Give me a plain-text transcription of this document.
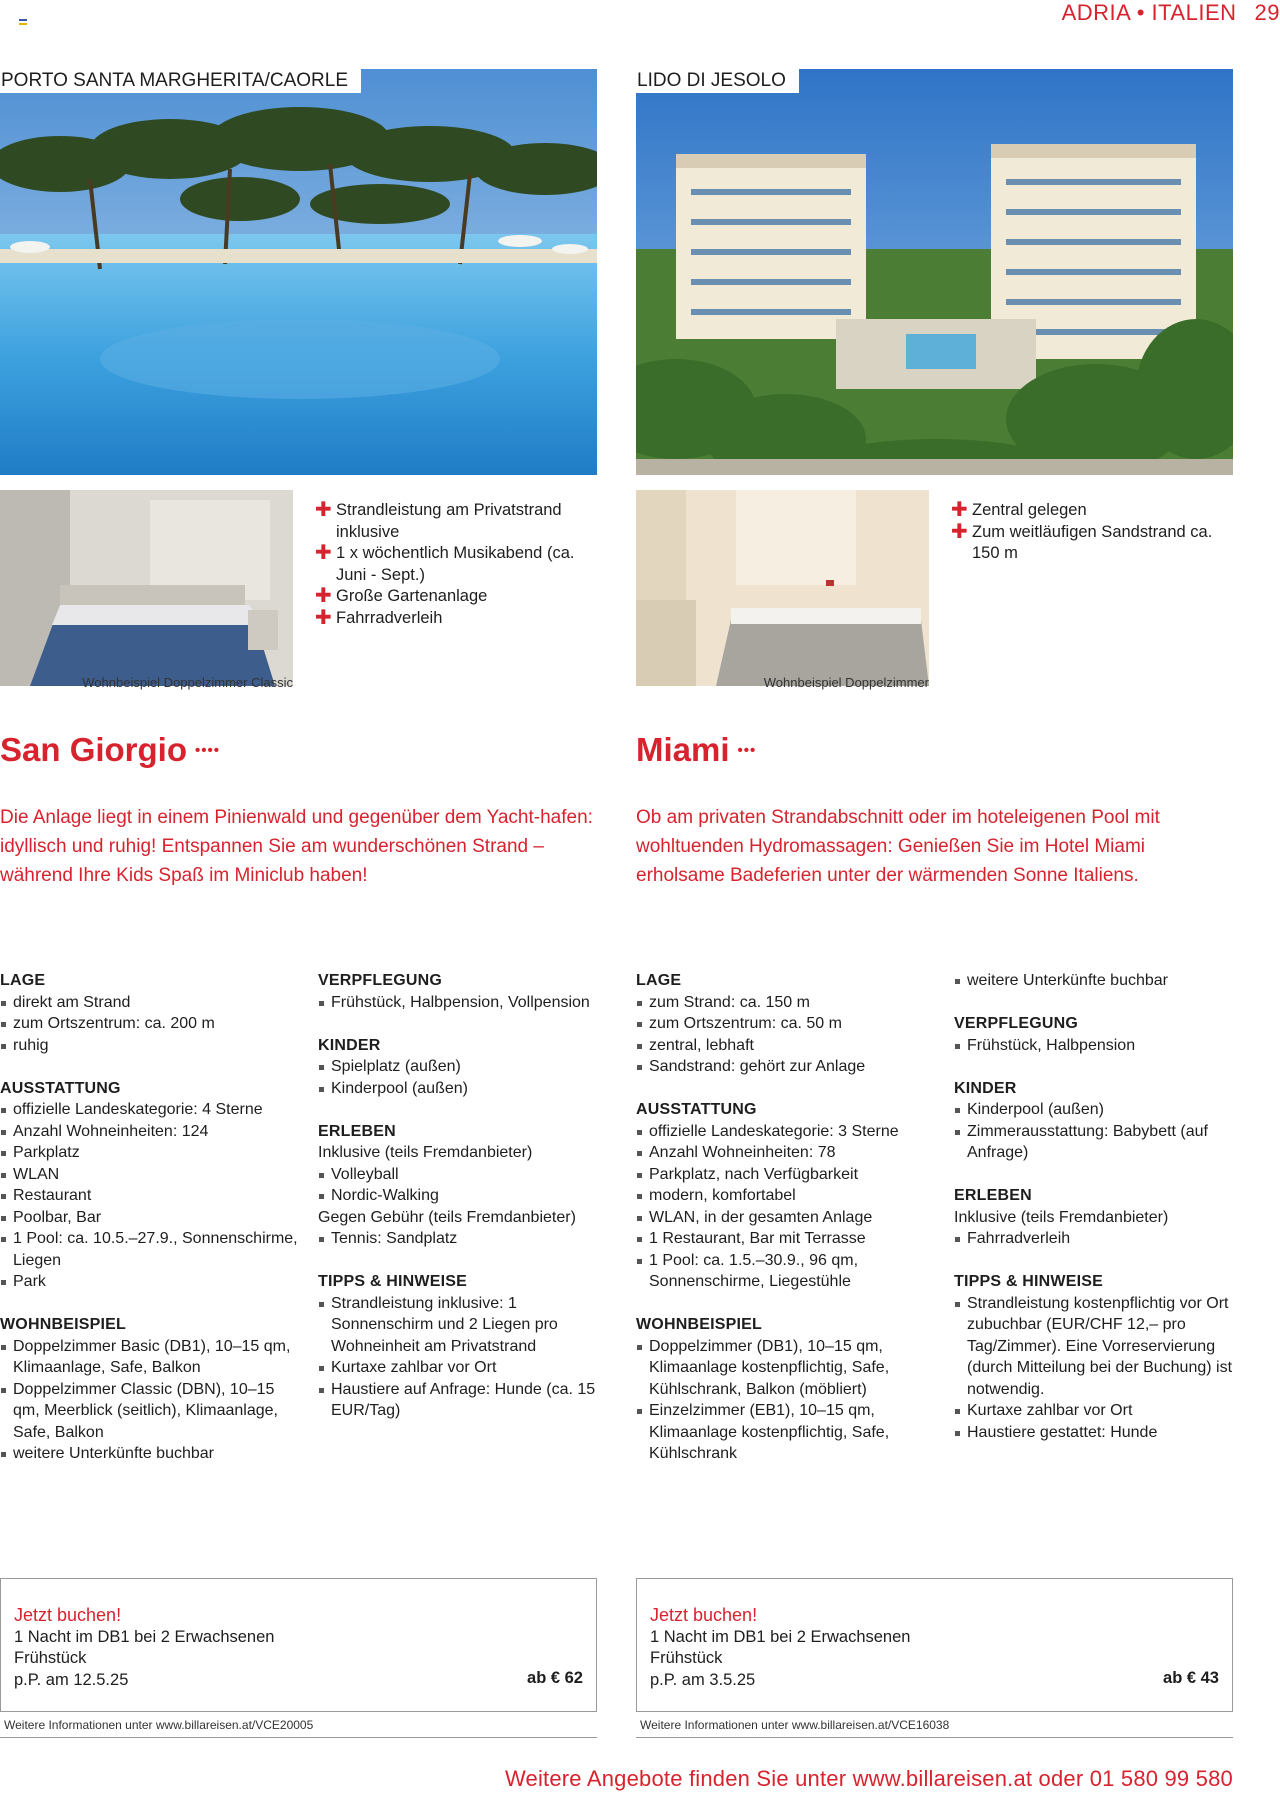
ADRIA • ITALIEN 29
PORTO SANTA MARGHERITA/CAORLE
Wohnbeispiel Doppelzimmer Classic
✚ Strandleistung am Privatstrand inklusive
✚ 1 x wöchentlich Musikabend (ca. Juni - Sept.)
✚ Große Gartenanlage
✚ Fahrradverleih
San Giorgio ••••

Die Anlage liegt in einem Pinienwald und gegenüber dem Yacht-hafen: idyllisch und ruhig! Entspannen Sie am wunderschönen Strand – während Ihre Kids Spaß im Miniclub haben!

LAGE
direkt am Strand
zum Ortszentrum: ca. 200 m
ruhig
AUSSTATTUNG
offizielle Landeskategorie: 4 Sterne
Anzahl Wohneinheiten: 124
Parkplatz
WLAN
Restaurant
Poolbar, Bar
1 Pool: ca. 10.5.–27.9., Sonnenschirme, Liegen
Park
WOHNBEISPIEL
Doppelzimmer Basic (DB1), 10–15 qm, Klimaanlage, Safe, Balkon
Doppelzimmer Classic (DBN), 10–15 qm, Meerblick (seitlich), Klimaanlage, Safe, Balkon
weitere Unterkünfte buchbar
VERPFLEGUNG
Frühstück, Halbpension, Vollpension
KINDER
Spielplatz (außen)
Kinderpool (außen)
ERLEBEN
Inklusive (teils Fremdanbieter)
Volleyball
Nordic-Walking
Gegen Gebühr (teils Fremdanbieter)
Tennis: Sandplatz
TIPPS & HINWEISE
Strandleistung inklusive: 1 Sonnenschirm und 2 Liegen pro Wohneinheit am Privatstrand
Kurtaxe zahlbar vor Ort
Haustiere auf Anfrage: Hunde (ca. 15 EUR/Tag)
Jetzt buchen!
1 Nacht im DB1 bei 2 Erwachsenen
Frühstück
p.P. am 12.5.25	ab € 62
Weitere Informationen unter www.billareisen.at/VCE20005
LIDO DI JESOLO
Wohnbeispiel Doppelzimmer
✚ Zentral gelegen
✚ Zum weitläufigen Sandstrand ca. 150 m
Miami •••

Ob am privaten Strandabschnitt oder im hoteleigenen Pool mit wohltuenden Hydromassagen: Genießen Sie im Hotel Miami erholsame Badeferien unter der wärmenden Sonne Italiens.

LAGE
zum Strand: ca. 150 m
zum Ortszentrum: ca. 50 m
zentral, lebhaft
Sandstrand: gehört zur Anlage
AUSSTATTUNG
offizielle Landeskategorie: 3 Sterne
Anzahl Wohneinheiten: 78
Parkplatz, nach Verfügbarkeit
modern, komfortabel
WLAN, in der gesamten Anlage
1 Restaurant, Bar mit Terrasse
1 Pool: ca. 1.5.–30.9., 96 qm, Sonnenschirme, Liegestühle
WOHNBEISPIEL
Doppelzimmer (DB1), 10–15 qm, Klimaanlage kostenpflichtig, Safe, Kühlschrank, Balkon (möbliert)
Einzelzimmer (EB1), 10–15 qm, Klimaanlage kostenpflichtig, Safe, Kühlschrank
weitere Unterkünfte buchbar
VERPFLEGUNG
Frühstück, Halbpension
KINDER
Kinderpool (außen)
Zimmerausstattung: Babybett (auf Anfrage)
ERLEBEN
Inklusive (teils Fremdanbieter)
Fahrradverleih
TIPPS & HINWEISE
Strandleistung kostenpflichtig vor Ort zubuchbar (EUR/CHF 12,– pro Tag/Zimmer). Eine Vorreservierung (durch Mitteilung bei der Buchung) ist notwendig.
Kurtaxe zahlbar vor Ort
Haustiere gestattet: Hunde
Jetzt buchen!
1 Nacht im DB1 bei 2 Erwachsenen
Frühstück
p.P. am 3.5.25	ab € 43
Weitere Informationen unter www.billareisen.at/VCE16038
Weitere Angebote finden Sie unter www.billareisen.at oder 01 580 99 580
